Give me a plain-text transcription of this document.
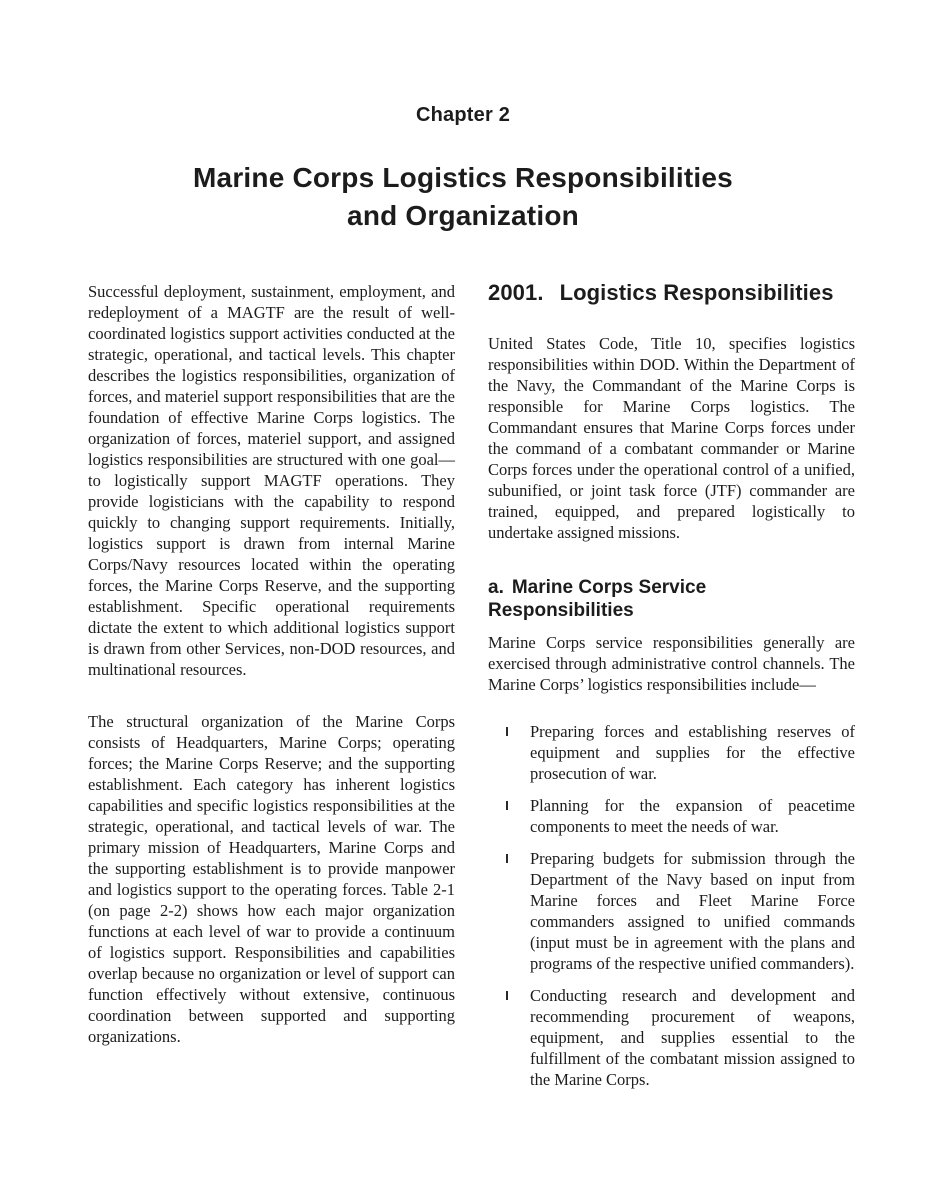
Chapter 2
Marine Corps Logistics Responsibilities
and Organization

Successful deployment, sustainment, employment, and redeployment of a MAGTF are the result of well-coordinated logistics support activities conducted at the strategic, operational, and tactical levels. This chapter describes the logistics responsibilities, organization of forces, and materiel support responsibilities that are the foundation of effective Marine Corps logistics. The organization of forces, materiel support, and assigned logistics responsibilities are structured with one goal—to logistically support MAGTF operations. They provide logisticians with the capability to respond quickly to changing support requirements. Initially, logistics support is drawn from internal Marine Corps/Navy resources located within the operating forces, the Marine Corps Reserve, and the supporting establishment. Specific operational requirements dictate the extent to which additional logistics support is drawn from other Services, non-DOD resources, and multinational resources.

The structural organization of the Marine Corps consists of Headquarters, Marine Corps; operating forces; the Marine Corps Reserve; and the supporting establishment. Each category has inherent logistics capabilities and specific logistics responsibilities at the strategic, operational, and tactical levels of war. The primary mission of Headquarters, Marine Corps and the supporting establishment is to provide manpower and logistics support to the operating forces. Table 2-1 (on page 2-2) shows how each major organization functions at each level of war to provide a continuum of logistics support. Responsibilities and capabilities overlap because no organization or level of support can function effectively without extensive, continuous coordination between supported and supporting organizations.

2001. Logistics Responsibilities

United States Code, Title 10, specifies logistics responsibilities within DOD. Within the Department of the Navy, the Commandant of the Marine Corps is responsible for Marine Corps logistics. The Commandant ensures that Marine Corps forces under the command of a combatant commander or Marine Corps forces under the operational control of a unified, subunified, or joint task force (JTF) commander are trained, equipped, and prepared logistically to undertake assigned missions.

a. Marine Corps Service Responsibilities

Marine Corps service responsibilities generally are exercised through administrative control channels. The Marine Corps’ logistics responsibilities include—

Preparing forces and establishing reserves of equipment and supplies for the effective prosecution of war.
Planning for the expansion of peacetime components to meet the needs of war.
Preparing budgets for submission through the Department of the Navy based on input from Marine forces and Fleet Marine Force commanders assigned to unified commands (input must be in agreement with the plans and programs of the respective unified commanders).
Conducting research and development and recommending procurement of weapons, equipment, and supplies essential to the fulfillment of the combatant mission assigned to the Marine Corps.
